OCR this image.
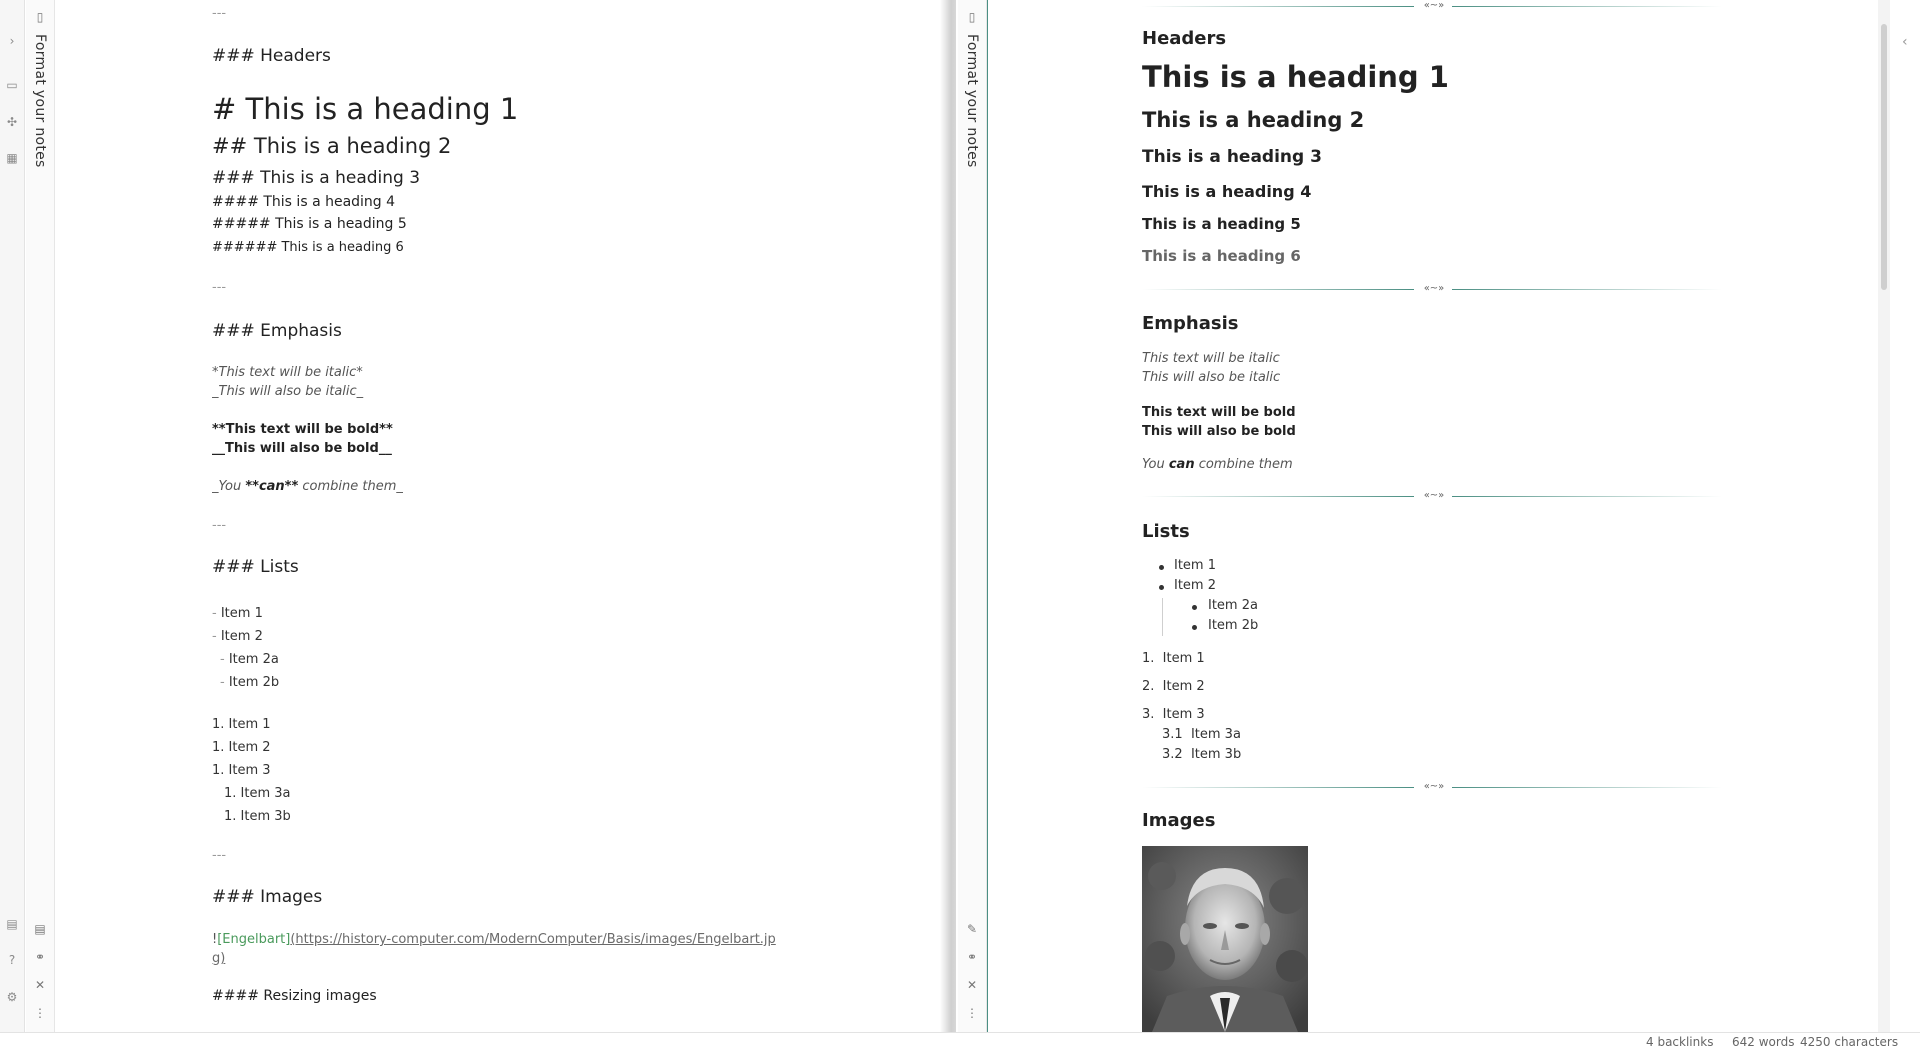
›
▭
✣
▦
▤
?
⚙
▯
Format your notes
▤
⚭
✕
⋮
---
### Headers
# This is a heading 1
## This is a heading 2
### This is a heading 3
#### This is a heading 4
##### This is a heading 5
###### This is a heading 6
---
### Emphasis
*This text will be italic*
_This will also be italic_
**This text will be bold**
__This will also be bold__
_You **can** combine them_
---
### Lists
- Item 1
- Item 2
- Item 2a
- Item 2b
1. Item 1
1. Item 2
1. Item 3
1. Item 3a
1. Item 3b
---
### Images
![Engelbart](https://history-computer.com/ModernComputer/Basis/images/Engelbart.jp
g)
#### Resizing images
▯
Format your notes
✎
⚭
✕
⋮
«~»
Headers
This is a heading 1
This is a heading 2
This is a heading 3
This is a heading 4
This is a heading 5
This is a heading 6
«~»
Emphasis
This text will be italic
This will also be italic
This text will be bold
This will also be bold
You can combine them
«~»
Lists
Item 1
Item 2
Item 2a
Item 2b
1. Item 1
2. Item 2
3. Item 3
3.1 Item 3a
3.2 Item 3b
«~»
Images
‹
4 backlinks 642 words 4250 characters
